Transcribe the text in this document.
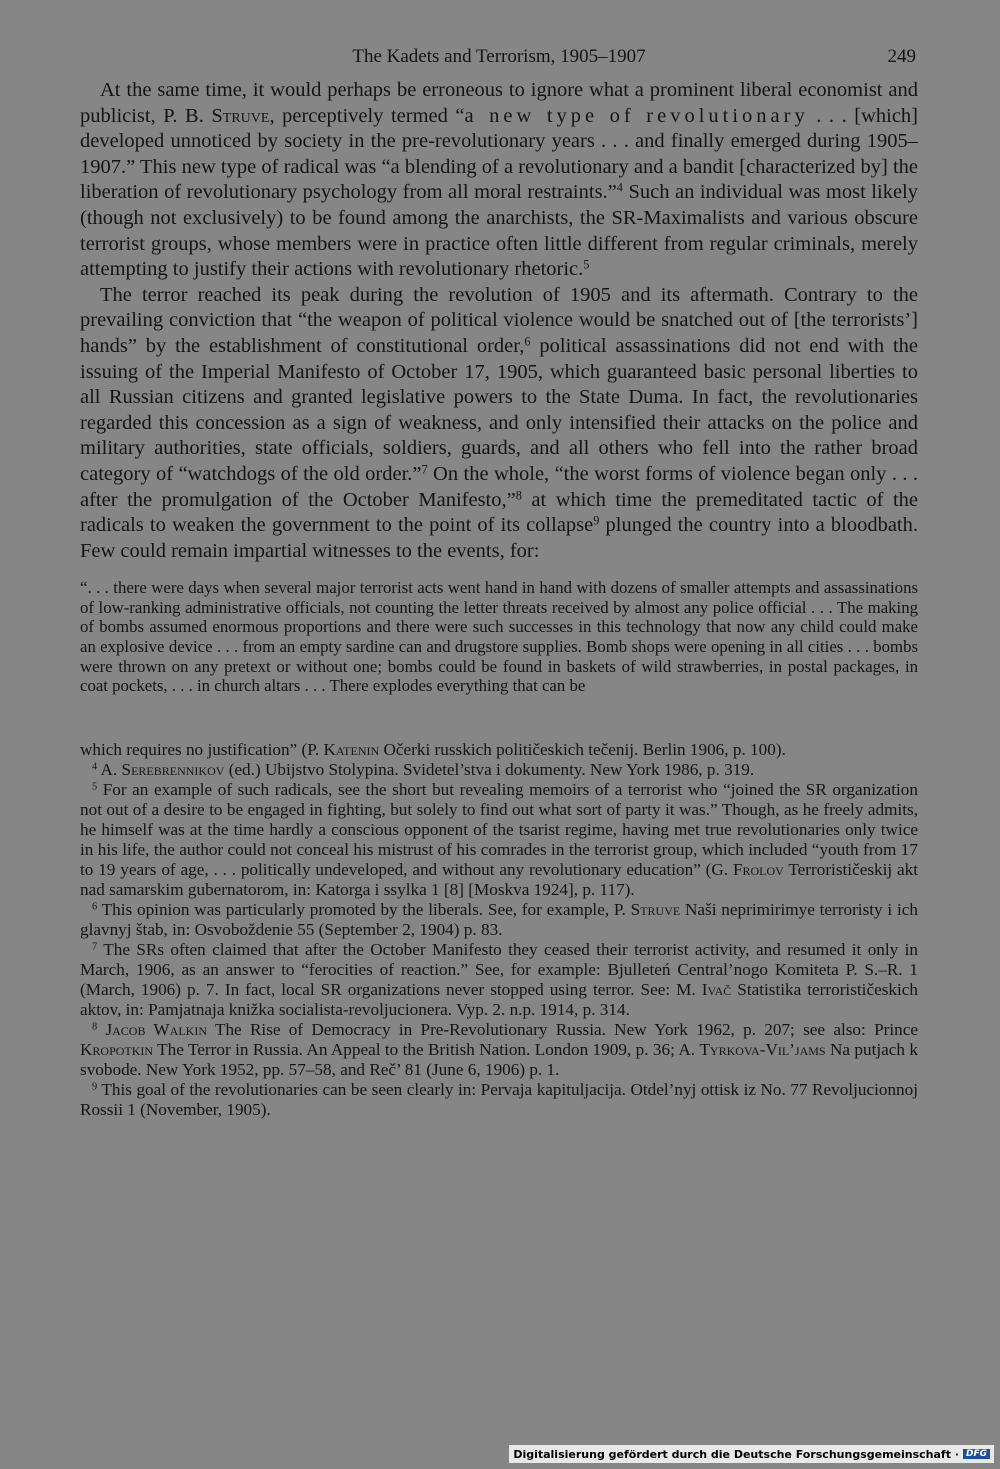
The Kadets and Terrorism, 1905–1907	249

At the same time, it would perhaps be erroneous to ignore what a prominent liberal economist and publicist, P. B. Struve, perceptively termed “a new type of revolutionary . . . [which] developed unnoticed by society in the pre-revolutionary years . . . and finally emerged during 1905–1907.” This new type of radical was “a blending of a revolutionary and a bandit [characterized by] the liberation of revolutionary psychology from all moral restraints.”$^4$ Such an individual was most likely (though not exclusively) to be found among the anarchists, the SR-Maximalists and various obscure terrorist groups, whose members were in practice often little different from regular criminals, merely attempting to justify their actions with revolutionary rhetoric.$^5$

The terror reached its peak during the revolution of 1905 and its aftermath. Contrary to the prevailing conviction that “the weapon of political violence would be snatched out of [the terrorists’] hands” by the establishment of constitutional order,$^6$ political assassinations did not end with the issuing of the Imperial Manifesto of October 17, 1905, which guaranteed basic personal liberties to all Russian citizens and granted legislative powers to the State Duma. In fact, the revolutionaries regarded this concession as a sign of weakness, and only intensified their attacks on the police and military authorities, state officials, soldiers, guards, and all others who fell into the rather broad category of “watchdogs of the old order.”$^7$ On the whole, “the worst forms of violence began only . . . after the promulgation of the October Manifesto,”$^8$ at which time the premeditated tactic of the radicals to weaken the government to the point of its collapse$^9$ plunged the country into a bloodbath. Few could remain impartial witnesses to the events, for:

“. . . there were days when several major terrorist acts went hand in hand with dozens of smaller attempts and assassinations of low-ranking administrative officials, not counting the letter threats received by almost any police official . . . The making of bombs assumed enormous proportions and there were such successes in this technology that now any child could make an explosive device . . . from an empty sardine can and drugstore supplies. Bomb shops were opening in all cities . . . bombs were thrown on any pretext or without one; bombs could be found in baskets of wild strawberries, in postal packages, in coat pockets, . . . in church altars . . . There explodes everything that can be
which requires no justification” (P. Katenin Očerki russkich političeskich tečenij. Berlin 1906, p. 100).

$^4$ A. Serebrennikov (ed.) Ubijstvo Stolypina. Svidetel’stva i dokumenty. New York 1986, p. 319.

$^5$ For an example of such radicals, see the short but revealing memoirs of a terrorist who “joined the SR organization not out of a desire to be engaged in fighting, but solely to find out what sort of party it was.” Though, as he freely admits, he himself was at the time hardly a conscious opponent of the tsarist regime, having met true revolutionaries only twice in his life, the author could not conceal his mistrust of his comrades in the terrorist group, which included “youth from 17 to 19 years of age, . . . politically undeveloped, and without any revolutionary education” (G. Frolov Terrorističeskij akt nad samarskim gubernatorom, in: Katorga i ssylka 1 [8] [Moskva 1924], p. 117).

$^6$ This opinion was particularly promoted by the liberals. See, for example, P. Struve Naši neprimirimye terroristy i ich glavnyj štab, in: Osvoboždenie 55 (September 2, 1904) p. 83.

$^7$ The SRs often claimed that after the October Manifesto they ceased their terrorist activity, and resumed it only in March, 1906, as an answer to “ferocities of reaction.” See, for example: Bjulleteń Central’nogo Komiteta P. S.–R. 1 (March, 1906) p. 7. In fact, local SR organizations never stopped using terror. See: M. Ivač Statistika terrorističeskich aktov, in: Pamjatnaja knižka socialista-revoljucionera. Vyp. 2. n.p. 1914, p. 314.

$^8$ Jacob Walkin The Rise of Democracy in Pre-Revolutionary Russia. New York 1962, p. 207; see also: Prince Kropotkin The Terror in Russia. An Appeal to the British Nation. London 1909, p. 36; A. Tyrkova-Vil’jams Na putjach k svobode. New York 1952, pp. 57–58, and Reč’ 81 (June 6, 1906) p. 1.

$^9$ This goal of the revolutionaries can be seen clearly in: Pervaja kapituljacija. Otdel’nyj ottisk iz No. 77 Revoljucionnoj Rossii 1 (November, 1905).

Digitalisierung gefördert durch die Deutsche Forschungsgemeinschaft · DFG
